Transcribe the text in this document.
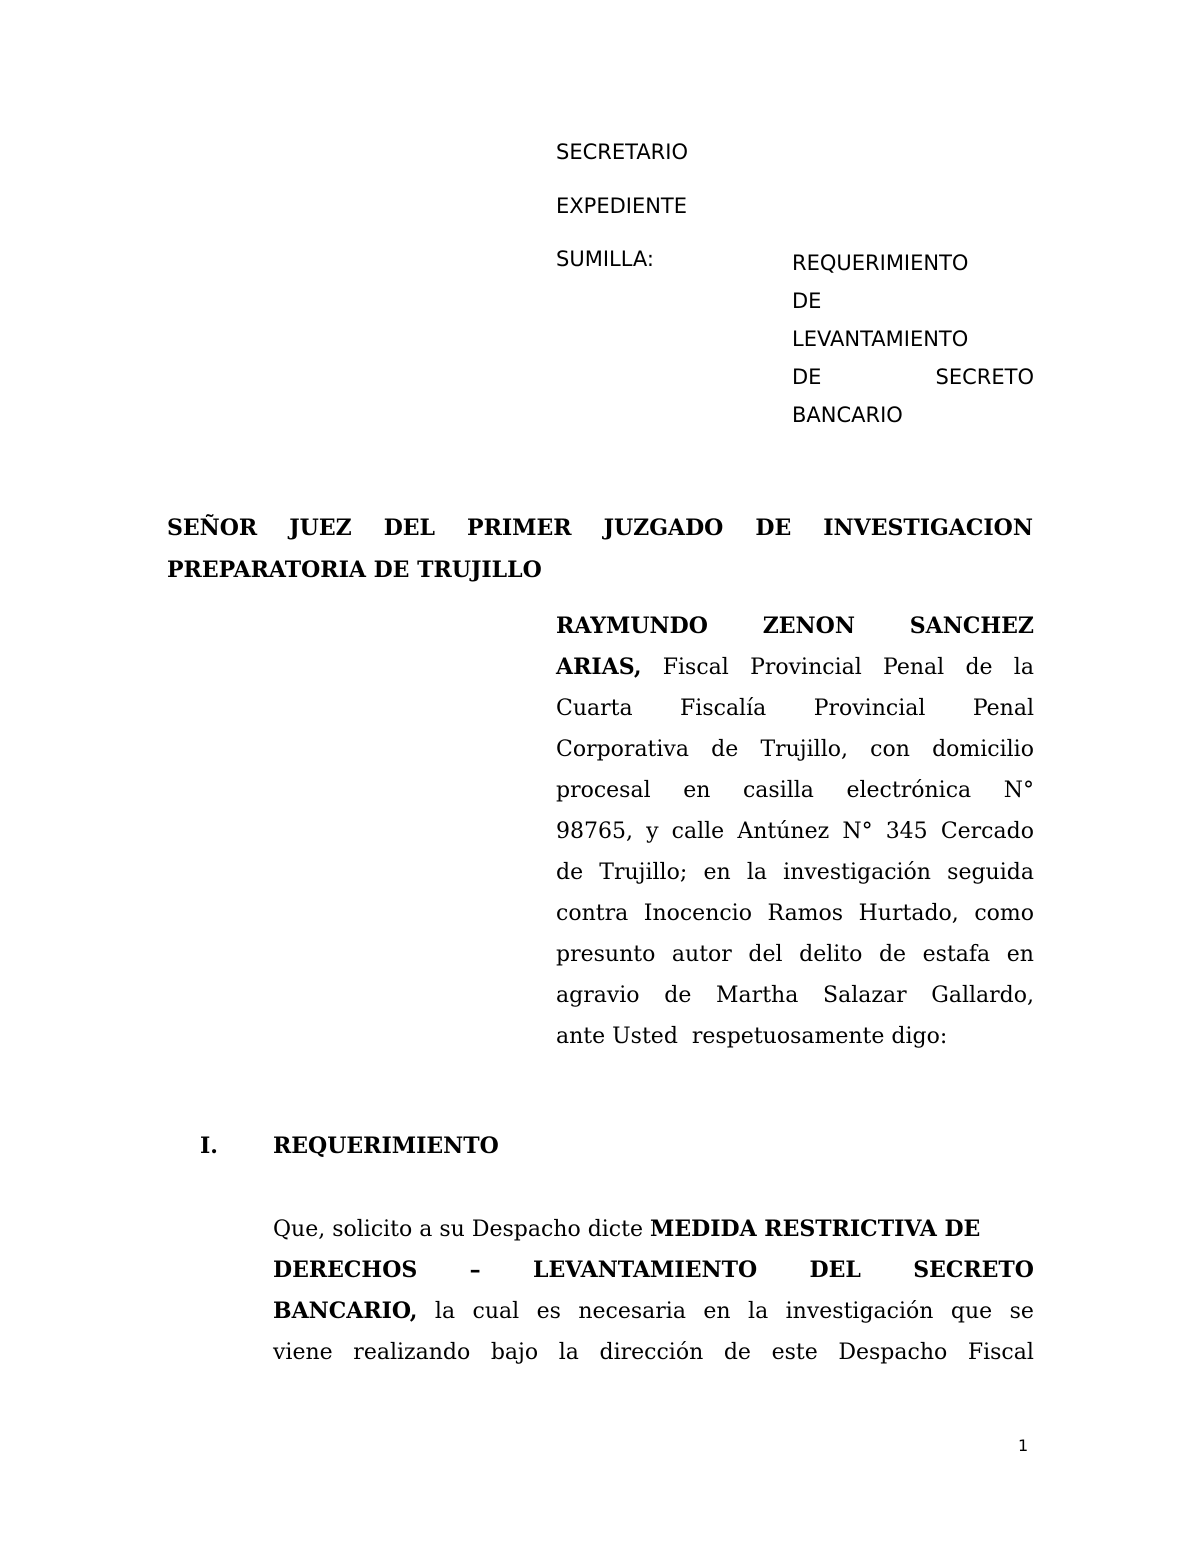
SECRETARIO
EXPEDIENTE
SUMILLA:	REQUERIMIENTO
DE
LEVANTAMIENTO
DE	SECRETO
BANCARIO
SEÑOR JUEZ DEL PRIMER JUZGADO DE INVESTIGACION
PREPARATORIA DE TRUJILLO
RAYMUNDO ZENON SANCHEZ
ARIAS, Fiscal Provincial Penal de la
Cuarta Fiscalía Provincial Penal
Corporativa de Trujillo, con domicilio
procesal en casilla electrónica N°
98765, y calle Antúnez N° 345 Cercado
de Trujillo; en la investigación seguida
contra Inocencio Ramos Hurtado, como
presunto autor del delito de estafa en
agravio de Martha Salazar Gallardo,
ante Usted  respetuosamente digo:
I.	REQUERIMIENTO
Que, solicito a su Despacho dicte MEDIDA RESTRICTIVA DE
DERECHOS – LEVANTAMIENTO DEL SECRETO
BANCARIO, la cual es necesaria en la investigación que se
viene realizando bajo la dirección de este Despacho Fiscal
1
